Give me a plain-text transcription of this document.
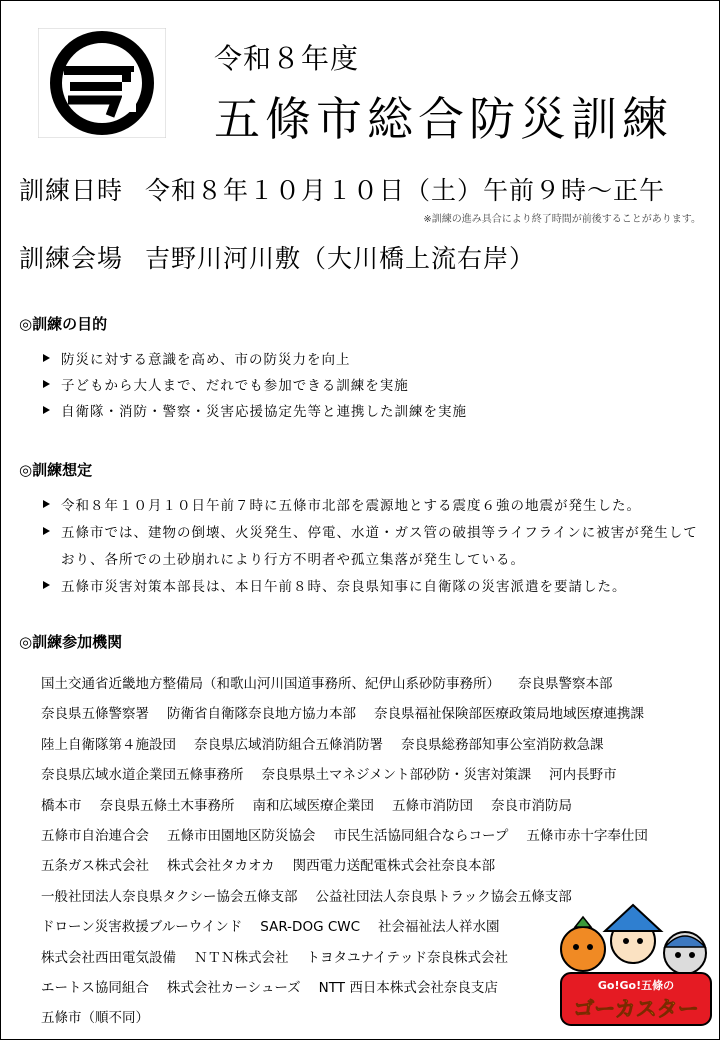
令和８年度
五條市総合防災訓練
訓練日時 令和８年１０月１０日（土）午前９時～正午
※訓練の進み具合により終了時間が前後することがあります。
訓練会場 吉野川河川敷（大川橋上流右岸）
◎訓練の目的
防災に対する意識を高め、市の防災力を向上
子どもから大人まで、だれでも参加できる訓練を実施
自衛隊・消防・警察・災害応援協定先等と連携した訓練を実施
◎訓練想定
令和８年１０月１０日午前７時に五條市北部を震源地とする震度６強の地震が発生した。
五條市では、建物の倒壊、火災発生、停電、水道・ガス管の破損等ライフラインに被害が発生しており、各所での土砂崩れにより行方不明者や孤立集落が発生している。
五條市災害対策本部長は、本日午前８時、奈良県知事に自衛隊の災害派遣を要請した。
◎訓練参加機関
国土交通省近畿地方整備局（和歌山河川国道事務所、紀伊山系砂防事務所） 奈良県警察本部
奈良県五條警察署 防衛省自衛隊奈良地方協力本部 奈良県福祉保険部医療政策局地域医療連携課
陸上自衛隊第４施設団 奈良県広域消防組合五條消防署 奈良県総務部知事公室消防救急課
奈良県広域水道企業団五條事務所 奈良県県土マネジメント部砂防・災害対策課 河内長野市
橋本市 奈良県五條土木事務所 南和広域医療企業団 五條市消防団 奈良市消防局
五條市自治連合会 五條市田園地区防災協会 市民生活協同組合ならコープ 五條市赤十字奉仕団
五条ガス株式会社 株式会社タカオカ 関西電力送配電株式会社奈良本部
一般社団法人奈良県タクシー協会五條支部 公益社団法人奈良県トラック協会五條支部
ドローン災害救援ブルーウインド SAR-DOG CWC 社会福祉法人祥水園
株式会社西田電気設備 ＮＴＮ株式会社 トヨタユナイテッド奈良株式会社
エートス協同組合 株式会社カーシューズ NTT 西日本株式会社奈良支店
五條市（順不同）
Go!Go!五條の
ゴーカスター
